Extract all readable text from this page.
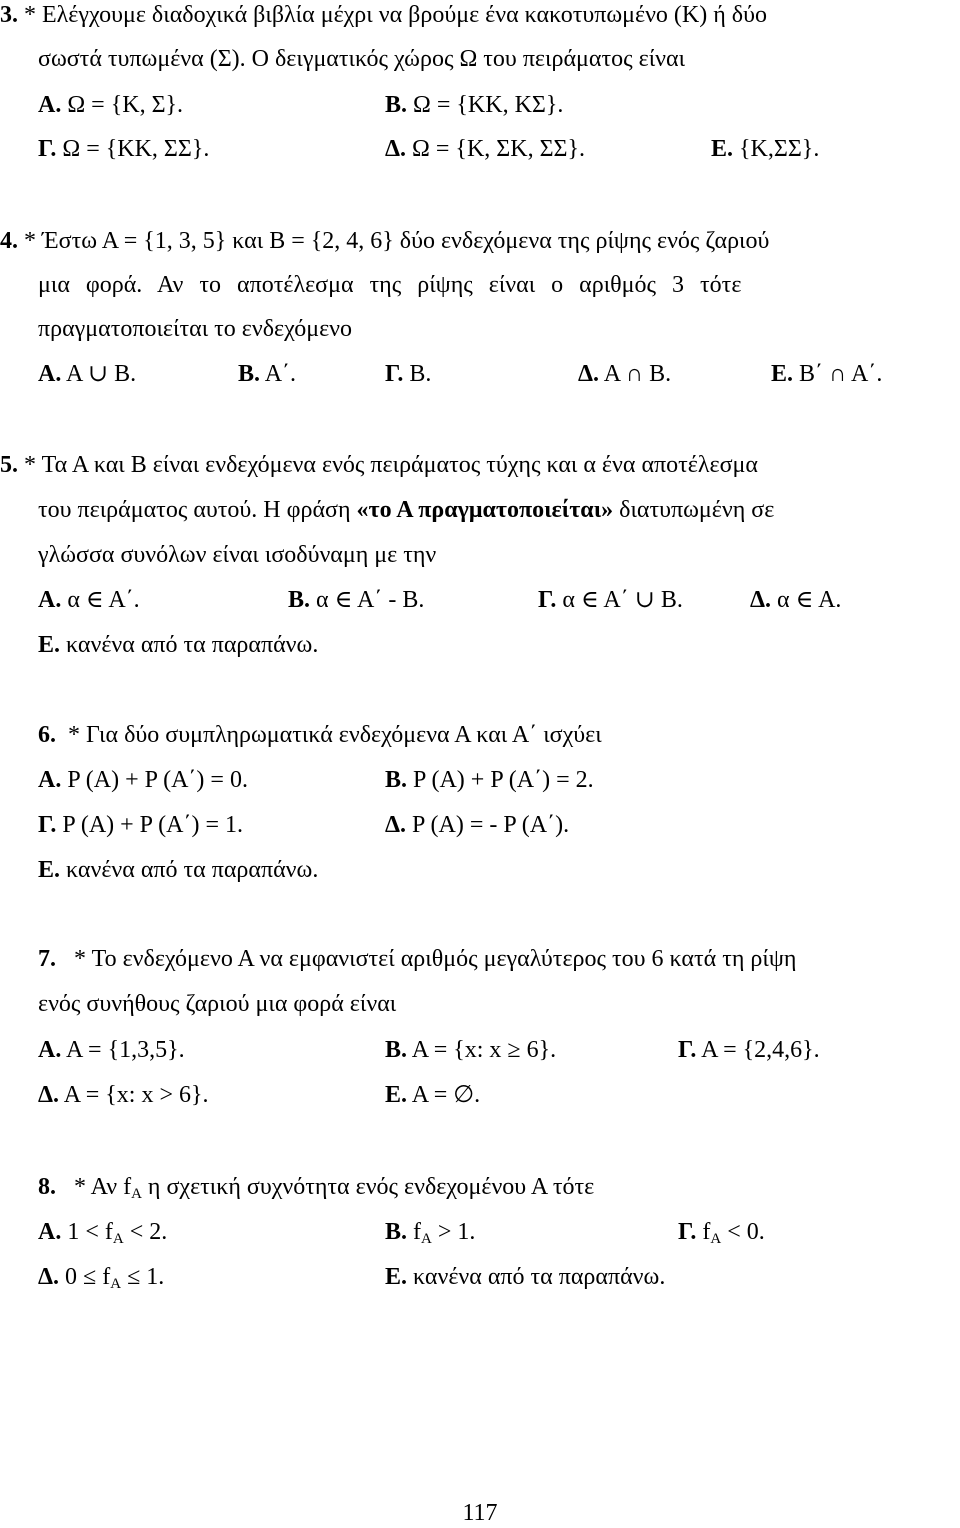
3. * Ελέγχουμε διαδοχικά βιβλία μέχρι να βρούμε ένα κακοτυπωμένο (Κ) ή δύο
σωστά τυπωμένα (Σ). Ο δειγματικός χώρος Ω του πειράματος είναι
Α. Ω = {Κ, Σ}.	Β. Ω = {ΚΚ, ΚΣ}.
Γ. Ω = {ΚΚ, ΣΣ}.	Δ. Ω = {Κ, ΣΚ, ΣΣ}.	Ε. {Κ,ΣΣ}.
4. * Έστω Α = {1, 3, 5} και Β = {2, 4, 6} δύο ενδεχόμενα της ρίψης ενός ζαριού
μια φορά. Αν το αποτέλεσμα της ρίψης είναι ο αριθμός 3 τότε
πραγματοποιείται το ενδεχόμενο
Α. Α ∪ Β.	Β. Α΄.	Γ. Β.	Δ. Α ∩ Β.	Ε. Β΄ ∩ Α΄.
5. * Τα Α και Β είναι ενδεχόμενα ενός πειράματος τύχης και α ένα αποτέλεσμα
του πειράματος αυτού. Η φράση «το Α πραγματοποιείται» διατυπωμένη σε
γλώσσα συνόλων είναι ισοδύναμη με την
Α. α ∈ Α΄.	Β. α ∈ Α΄ - Β.	Γ. α ∈ Α΄ ∪ Β.	Δ. α ∈ Α.
Ε. κανένα από τα παραπάνω.
6. * Για δύο συμπληρωματικά ενδεχόμενα Α και Α΄ ισχύει
Α. P (A) + P (A΄) = 0.	Β. P (A) + P (A΄) = 2.
Γ. P (A) + P (A΄) = 1.	Δ. P (A) = - P (A΄).
Ε. κανένα από τα παραπάνω.
7. * Το ενδεχόμενο Α να εμφανιστεί αριθμός μεγαλύτερος του 6 κατά τη ρίψη
ενός συνήθους ζαριού μια φορά είναι
Α. Α = {1,3,5}.	Β. Α = {x: x ≥ 6}.	Γ. Α = {2,4,6}.
Δ. Α = {x: x > 6}.	Ε. Α = ∅.
8. * Αν $f_A$ η σχετική συχνότητα ενός ενδεχομένου Α τότε
Α. $1 < f_A < 2$.	Β. $f_A > 1$.	Γ. $f_A < 0$.
Δ. $0 \le f_A \le 1$.	Ε. κανένα από τα παραπάνω.
117
